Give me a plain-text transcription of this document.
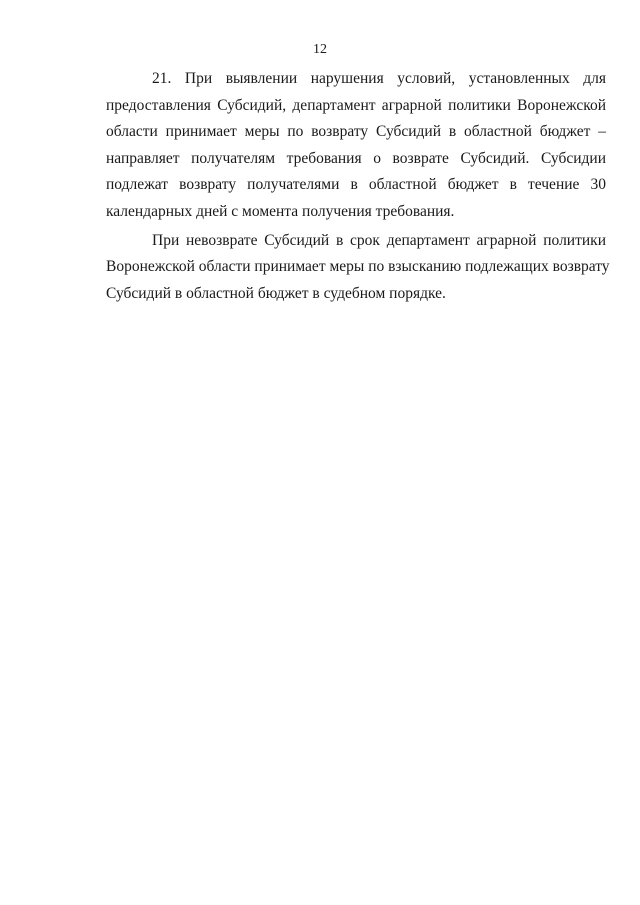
12
21. При выявлении нарушения условий, установленных для
предоставления Субсидий, департамент аграрной политики Воронежской
области принимает меры по возврату Субсидий в областной бюджет –
направляет получателям требования о возврате Субсидий. Субсидии
подлежат возврату получателями в областной бюджет в течение 30
календарных дней с момента получения требования.
При невозврате Субсидий в срок департамент аграрной политики
Воронежской области принимает меры по взысканию подлежащих возврату
Субсидий в областной бюджет в судебном порядке.
